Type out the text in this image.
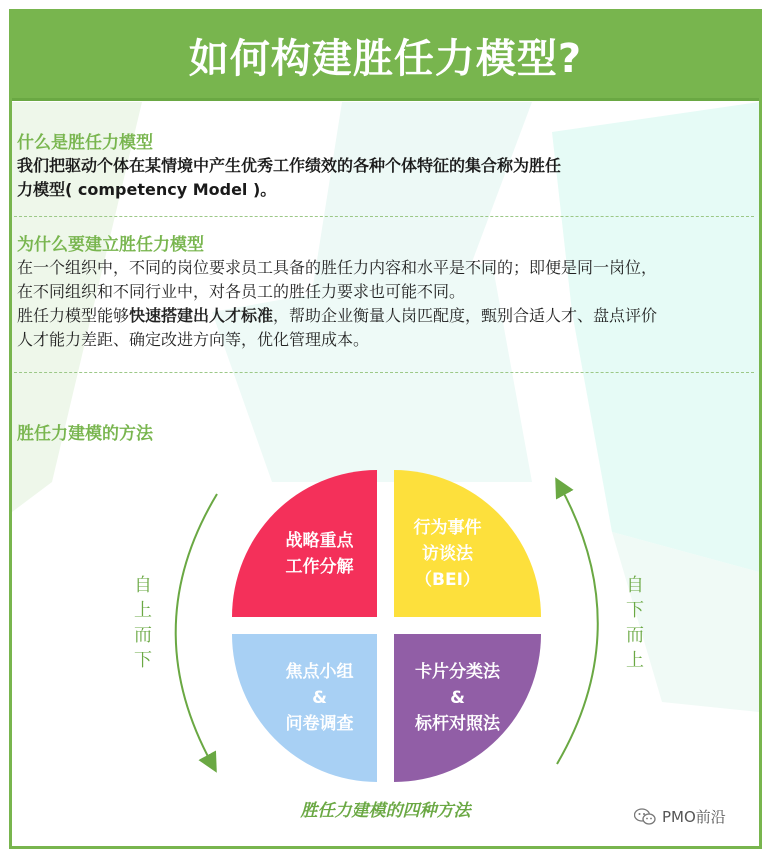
如何构建胜任力模型?
什么是胜任力模型
我们把驱动个体在某情境中产生优秀工作绩效的各种个体特征的集合称为胜任
力模型( competency Model )。
为什么要建立胜任力模型
在一个组织中，不同的岗位要求员工具备的胜任力内容和水平是不同的；即便是同一岗位，
在不同组织和不同行业中，对各员工的胜任力要求也可能不同。
胜任力模型能够快速搭建出人才标准，帮助企业衡量人岗匹配度，甄别合适人才、盘点评价
人才能力差距、确定改进方向等，优化管理成本。
胜任力建模的方法
战略重点
工作分解
行为事件
访谈法（BEI）
焦点小组
&
问卷调查
卡片分类法
&
标杆对照法
自
上
而
下
自
下
而
上
胜任力建模的四种方法	PMO前沿
